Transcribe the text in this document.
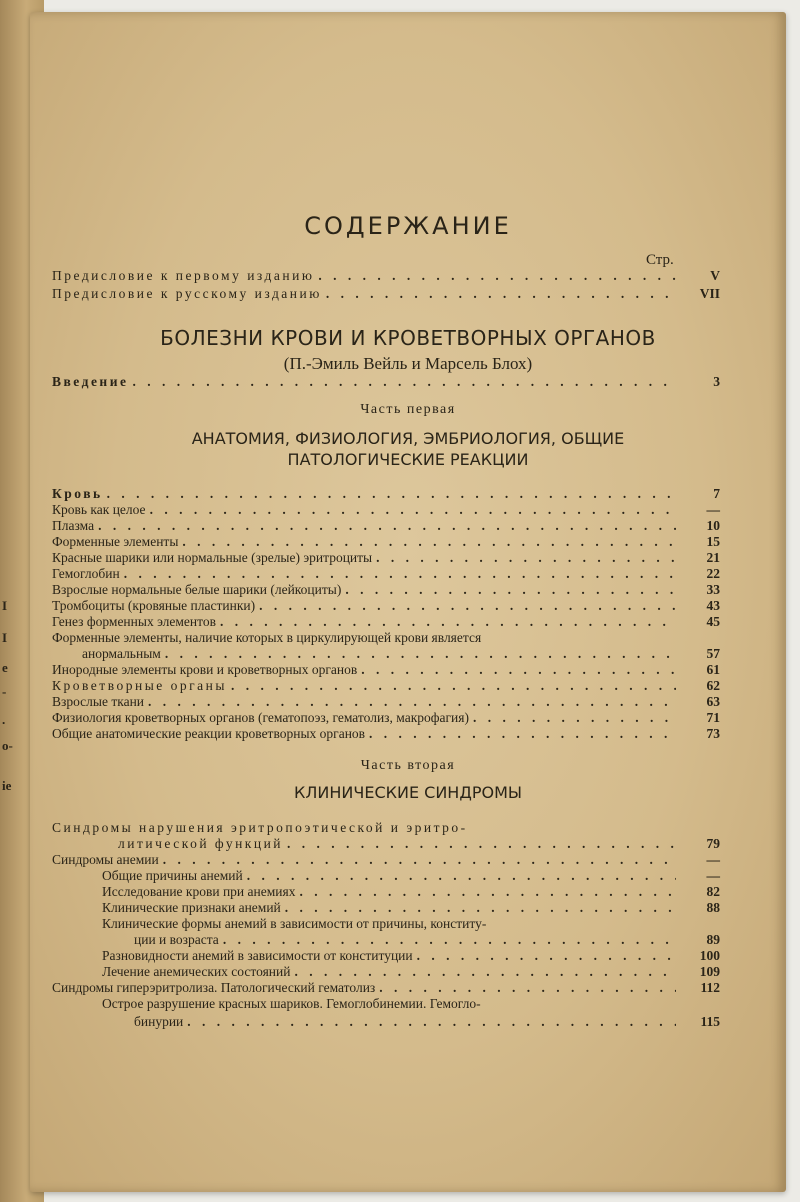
I
I
e
-
.
o-
ie
СОДЕРЖАНИЕ
Стр.
Предисловие к первому изданию . . .	V
Предисловие к русскому изданию . . .	VII
БОЛЕЗНИ КРОВИ И КРОВЕТВОРНЫХ ОРГАНОВ
(П.-Эмиль Вейль и Марсель Блох)
Введение . . .	3
Часть первая
АНАТОМИЯ, ФИЗИОЛОГИЯ, ЭМБРИОЛОГИЯ, ОБЩИЕ
ПАТОЛОГИЧЕСКИЕ РЕАКЦИИ
Кровь . . .	7
Кровь как целое . . .	—
Плазма . . .	10
Форменные элементы . . .	15
Красные шарики или нормальные (зрелые) эритроциты . . .	21
Гемоглобин . . .	22
Взрослые нормальные белые шарики (лейкоциты) . . .	33
Тромбоциты (кровяные пластинки) . . .	43
Генез форменных элементов . . .	45
Форменные элементы, наличие которых в циркулирующей крови является
анормальным . . .	57
Инородные элементы крови и кроветворных органов . . .	61
Кроветворные органы . . .	62
Взрослые ткани . . .	63
Физиология кроветворных органов (гематопоэз, гематолиз, макрофагия) . . .	71
Общие анатомические реакции кроветворных органов . . .	73
Часть вторая
КЛИНИЧЕСКИЕ СИНДРОМЫ
Синдромы нарушения эритропоэтической и эритро-
литической функций . . .	79
Синдромы анемии . . .	—
Общие причины анемий . . .	—
Исследование крови при анемиях . . .	82
Клинические признаки анемий . . .	88
Клинические формы анемий в зависимости от причины, конститу-
ции и возраста . . .	89
Разновидности анемий в зависимости от конституции . . .	100
Лечение анемических состояний . . .	109
Синдромы гиперэритролиза. Патологический гематолиз . . .	112
Острое разрушение красных шариков. Гемоглобинемии. Гемогло-
бинурии . . .	115
